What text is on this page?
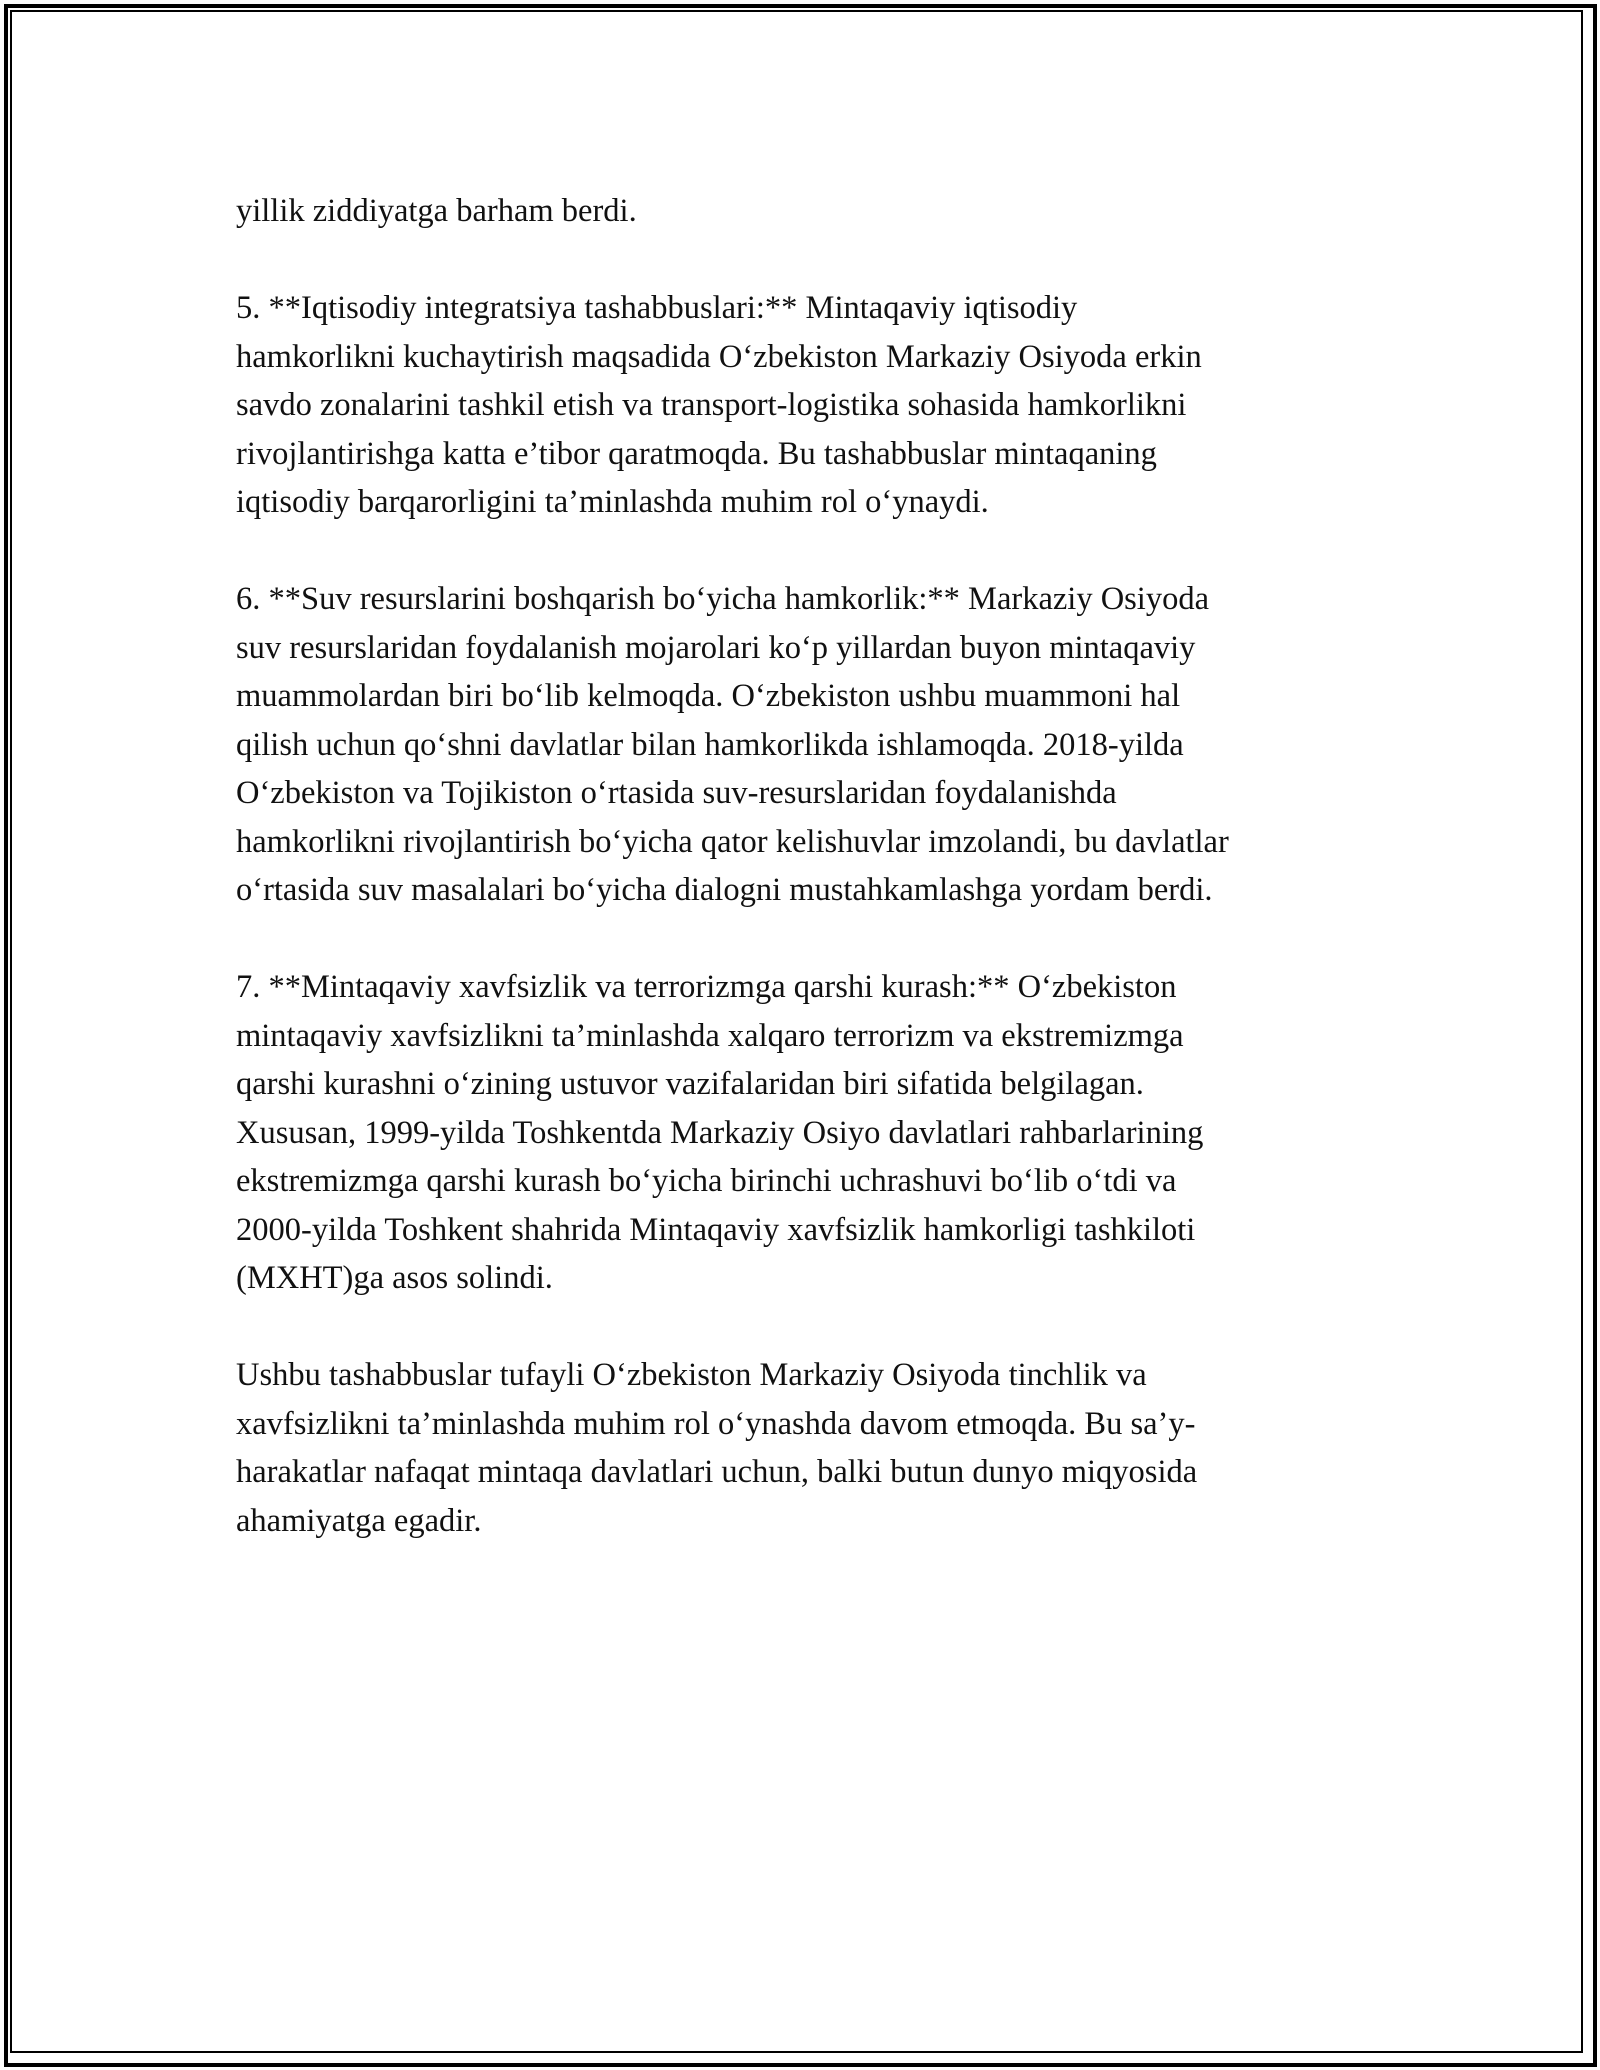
yillik ziddiyatga barham berdi.

5. **Iqtisodiy integratsiya tashabbuslari:** Mintaqaviy iqtisodiy
hamkorlikni kuchaytirish maqsadida O‘zbekiston Markaziy Osiyoda erkin
savdo zonalarini tashkil etish va transport-logistika sohasida hamkorlikni
rivojlantirishga katta e’tibor qaratmoqda. Bu tashabbuslar mintaqaning
iqtisodiy barqarorligini ta’minlashda muhim rol o‘ynaydi.

6. **Suv resurslarini boshqarish bo‘yicha hamkorlik:** Markaziy Osiyoda
suv resurslaridan foydalanish mojarolari ko‘p yillardan buyon mintaqaviy
muammolardan biri bo‘lib kelmoqda. O‘zbekiston ushbu muammoni hal
qilish uchun qo‘shni davlatlar bilan hamkorlikda ishlamoqda. 2018-yilda
O‘zbekiston va Tojikiston o‘rtasida suv-resurslaridan foydalanishda
hamkorlikni rivojlantirish bo‘yicha qator kelishuvlar imzolandi, bu davlatlar
o‘rtasida suv masalalari bo‘yicha dialogni mustahkamlashga yordam berdi.

7. **Mintaqaviy xavfsizlik va terrorizmga qarshi kurash:** O‘zbekiston
mintaqaviy xavfsizlikni ta’minlashda xalqaro terrorizm va ekstremizmga
qarshi kurashni o‘zining ustuvor vazifalaridan biri sifatida belgilagan.
Xususan, 1999-yilda Toshkentda Markaziy Osiyo davlatlari rahbarlarining
ekstremizmga qarshi kurash bo‘yicha birinchi uchrashuvi bo‘lib o‘tdi va
2000-yilda Toshkent shahrida Mintaqaviy xavfsizlik hamkorligi tashkiloti
(MXHT)ga asos solindi.

Ushbu tashabbuslar tufayli O‘zbekiston Markaziy Osiyoda tinchlik va
xavfsizlikni ta’minlashda muhim rol o‘ynashda davom etmoqda. Bu sa’y-
harakatlar nafaqat mintaqa davlatlari uchun, balki butun dunyo miqyosida
ahamiyatga egadir.
